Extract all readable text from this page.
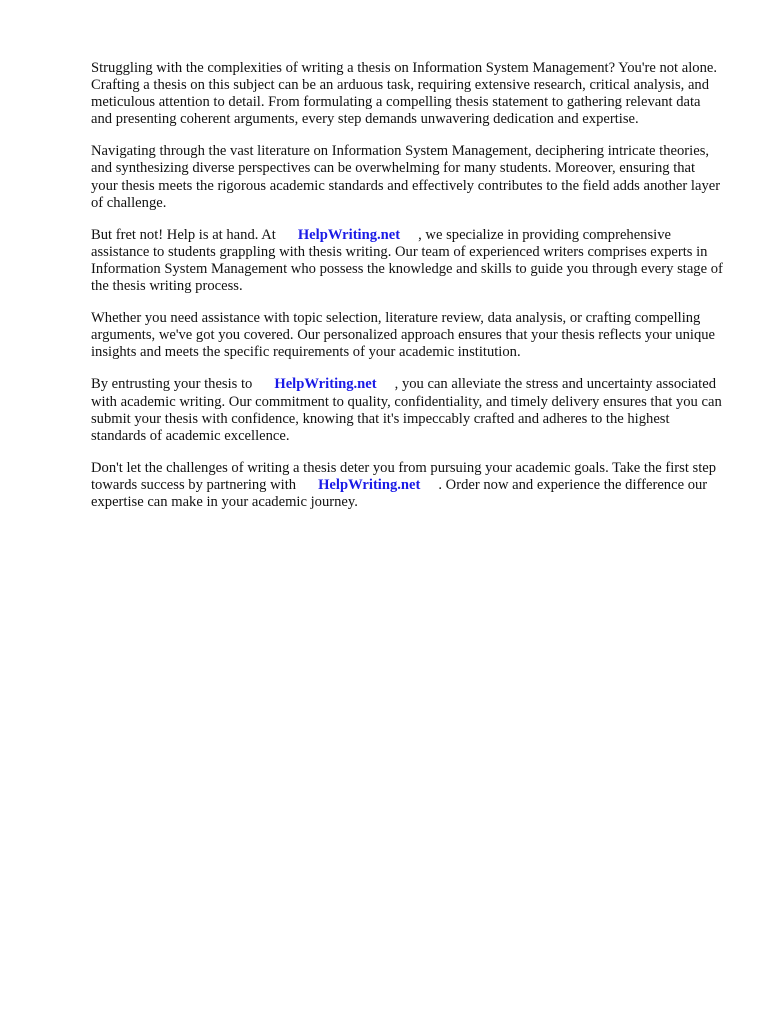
Struggling with the complexities of writing a thesis on Information System Management? You're not alone. Crafting a thesis on this subject can be an arduous task, requiring extensive research, critical analysis, and meticulous attention to detail. From formulating a compelling thesis statement to gathering relevant data and presenting coherent arguments, every step demands unwavering dedication and expertise.

Navigating through the vast literature on Information System Management, deciphering intricate theories, and synthesizing diverse perspectives can be overwhelming for many students. Moreover, ensuring that your thesis meets the rigorous academic standards and effectively contributes to the field adds another layer of challenge.

But fret not! Help is at hand. At HelpWriting.net , we specialize in providing comprehensive assistance to students grappling with thesis writing. Our team of experienced writers comprises experts in Information System Management who possess the knowledge and skills to guide you through every stage of the thesis writing process.

Whether you need assistance with topic selection, literature review, data analysis, or crafting compelling arguments, we've got you covered. Our personalized approach ensures that your thesis reflects your unique insights and meets the specific requirements of your academic institution.

By entrusting your thesis to HelpWriting.net , you can alleviate the stress and uncertainty associated with academic writing. Our commitment to quality, confidentiality, and timely delivery ensures that you can submit your thesis with confidence, knowing that it's impeccably crafted and adheres to the highest standards of academic excellence.

Don't let the challenges of writing a thesis deter you from pursuing your academic goals. Take the first step towards success by partnering with HelpWriting.net . Order now and experience the difference our expertise can make in your academic journey.
